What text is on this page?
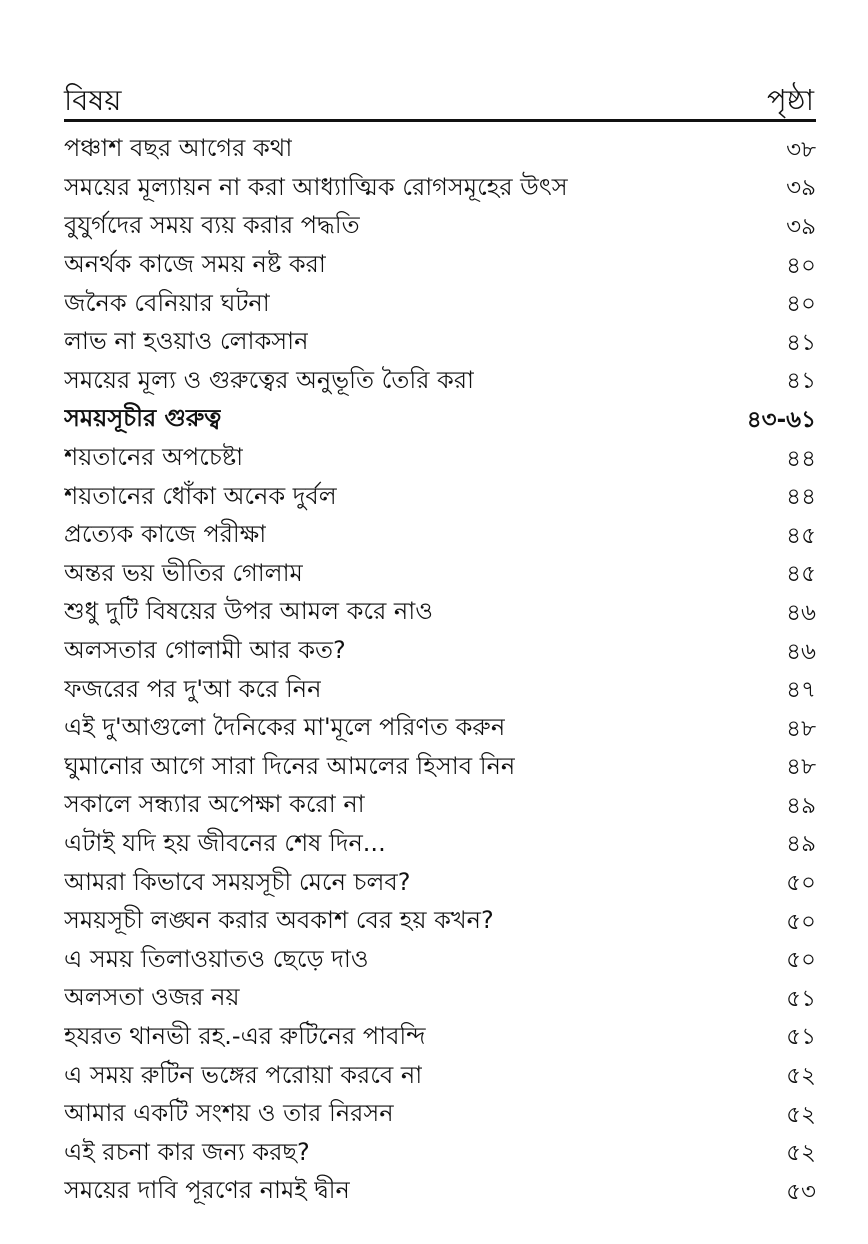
বিষয়	পৃষ্ঠা
পঞ্চাশ বছর আগের কথা	৩৮
সময়ের মূল্যায়ন না করা আধ্যাত্মিক রোগসমূহের উৎস	৩৯
বুযুর্গদের সময় ব্যয় করার পদ্ধতি	৩৯
অনর্থক কাজে সময় নষ্ট করা	৪০
জনৈক বেনিয়ার ঘটনা	৪০
লাভ না হওয়াও লোকসান	৪১
সময়ের মূল্য ও গুরুত্বের অনুভূতি তৈরি করা	৪১
সময়সূচীর গুরুত্ব	৪৩-৬১
শয়তানের অপচেষ্টা	৪৪
শয়তানের ধোঁকা অনেক দুর্বল	৪৪
প্রত্যেক কাজে পরীক্ষা	৪৫
অন্তর ভয় ভীতির গোলাম	৪৫
শুধু দুটি বিষয়ের উপর আমল করে নাও	৪৬
অলসতার গোলামী আর কত?	৪৬
ফজরের পর দু'আ করে নিন	৪৭
এই দু'আগুলো দৈনিকের মা'মূলে পরিণত করুন	৪৮
ঘুমানোর আগে সারা দিনের আমলের হিসাব নিন	৪৮
সকালে সন্ধ্যার অপেক্ষা করো না	৪৯
এটাই যদি হয় জীবনের শেষ দিন...	৪৯
আমরা কিভাবে সময়সূচী মেনে চলব?	৫০
সময়সূচী লঙ্ঘন করার অবকাশ বের হয় কখন?	৫০
এ সময় তিলাওয়াতও ছেড়ে দাও	৫০
অলসতা ওজর নয়	৫১
হযরত থানভী রহ.-এর রুটিনের পাবন্দি	৫১
এ সময় রুটিন ভঙ্গের পরোয়া করবে না	৫২
আমার একটি সংশয় ও তার নিরসন	৫২
এই রচনা কার জন্য করছ?	৫২
সময়ের দাবি পূরণের নামই দ্বীন	৫৩
